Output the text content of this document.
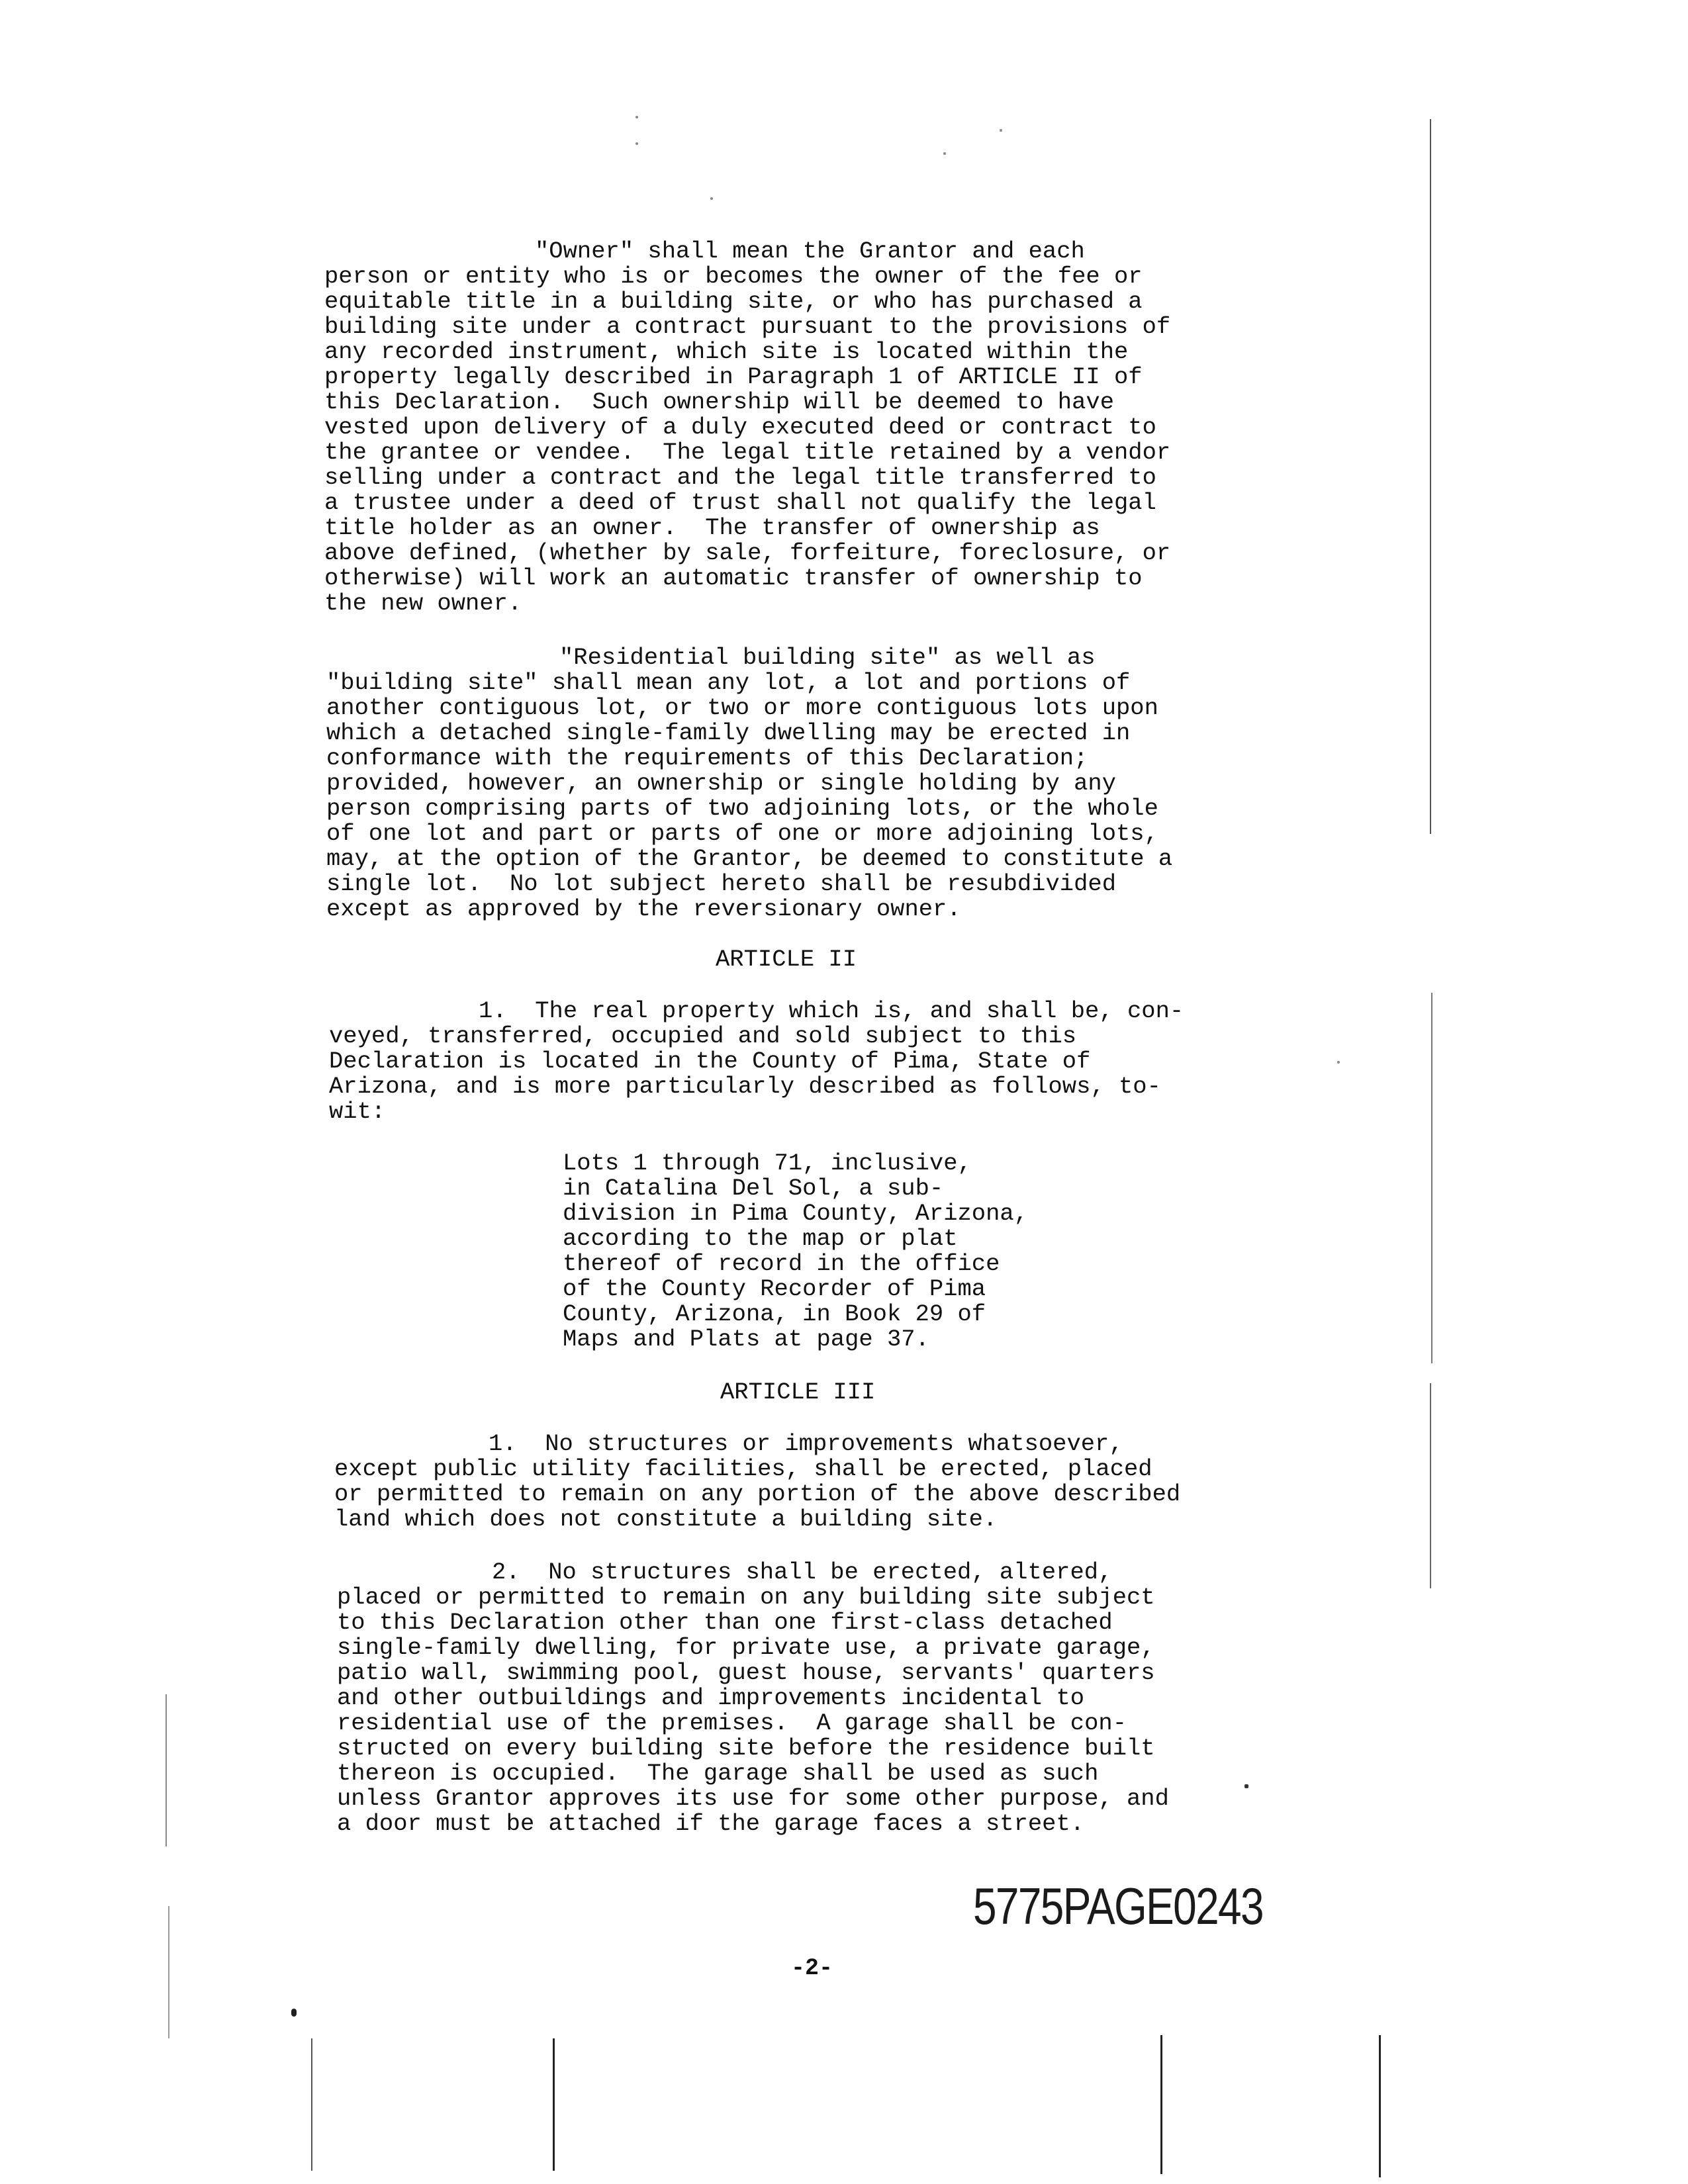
"Owner" shall mean the Grantor and each
person or entity who is or becomes the owner of the fee or
equitable title in a building site, or who has purchased a
building site under a contract pursuant to the provisions of
any recorded instrument, which site is located within the
property legally described in Paragraph 1 of ARTICLE II of
this Declaration.  Such ownership will be deemed to have
vested upon delivery of a duly executed deed or contract to
the grantee or vendee.  The legal title retained by a vendor
selling under a contract and the legal title transferred to
a trustee under a deed of trust shall not qualify the legal
title holder as an owner.  The transfer of ownership as
above defined, (whether by sale, forfeiture, foreclosure, or
otherwise) will work an automatic transfer of ownership to
the new owner.
"Residential building site" as well as
"building site" shall mean any lot, a lot and portions of
another contiguous lot, or two or more contiguous lots upon
which a detached single-family dwelling may be erected in
conformance with the requirements of this Declaration;
provided, however, an ownership or single holding by any
person comprising parts of two adjoining lots, or the whole
of one lot and part or parts of one or more adjoining lots,
may, at the option of the Grantor, be deemed to constitute a
single lot.  No lot subject hereto shall be resubdivided
except as approved by the reversionary owner.
ARTICLE II
1.  The real property which is, and shall be, con-
veyed, transferred, occupied and sold subject to this
Declaration is located in the County of Pima, State of
Arizona, and is more particularly described as follows, to-
wit:
Lots 1 through 71, inclusive,
in Catalina Del Sol, a sub-
division in Pima County, Arizona,
according to the map or plat
thereof of record in the office
of the County Recorder of Pima
County, Arizona, in Book 29 of
Maps and Plats at page 37.
ARTICLE III
1.  No structures or improvements whatsoever,
except public utility facilities, shall be erected, placed
or permitted to remain on any portion of the above described
land which does not constitute a building site.
2.  No structures shall be erected, altered,
placed or permitted to remain on any building site subject
to this Declaration other than one first-class detached
single-family dwelling, for private use, a private garage,
patio wall, swimming pool, guest house, servants' quarters
and other outbuildings and improvements incidental to
residential use of the premises.  A garage shall be con-
structed on every building site before the residence built
thereon is occupied.  The garage shall be used as such
unless Grantor approves its use for some other purpose, and
a door must be attached if the garage faces a street.
5775PAGE0243
-2-
